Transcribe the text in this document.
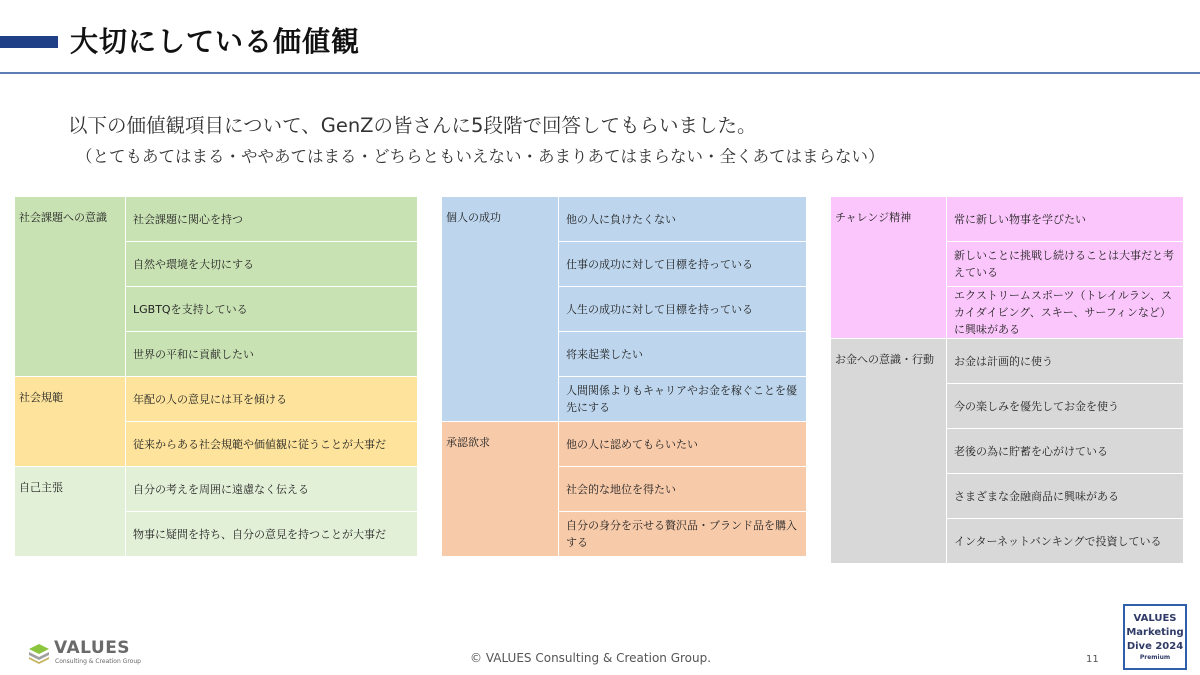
大切にしている価値観
以下の価値観項目について、GenZの皆さんに5段階で回答してもらいました。
（とてもあてはまる・ややあてはまる・どちらともいえない・あまりあてはまらない・全くあてはまらない）
社会課題への意識	社会課題に関心を持つ
	自然や環境を大切にする
	LGBTQを支持している
	世界の平和に貢献したい
社会規範	年配の人の意見には耳を傾ける
	従来からある社会規範や価値観に従うことが大事だ
自己主張	自分の考えを周囲に遠慮なく伝える
	物事に疑問を持ち、自分の意見を持つことが大事だ
個人の成功	他の人に負けたくない
	仕事の成功に対して目標を持っている
	人生の成功に対して目標を持っている
	将来起業したい
	人間関係よりもキャリアやお金を稼ぐことを優先にする
承認欲求	他の人に認めてもらいたい
	社会的な地位を得たい
	自分の身分を示せる贅沢品・ブランド品を購入する
チャレンジ精神	常に新しい物事を学びたい
	新しいことに挑戦し続けることは大事だと考えている
	エクストリームスポーツ（トレイルラン、スカイダイビング、スキー、サーフィンなど）に興味がある
お金への意識・行動	お金は計画的に使う
	今の楽しみを優先してお金を使う
	老後の為に貯蓄を心がけている
	さまざまな金融商品に興味がある
	インターネットバンキングで投資している
VALUES
Consulting & Creation Group	© VALUES Consulting & Creation Group.	11
VALUES
Marketing
Dive 2024
Premium
